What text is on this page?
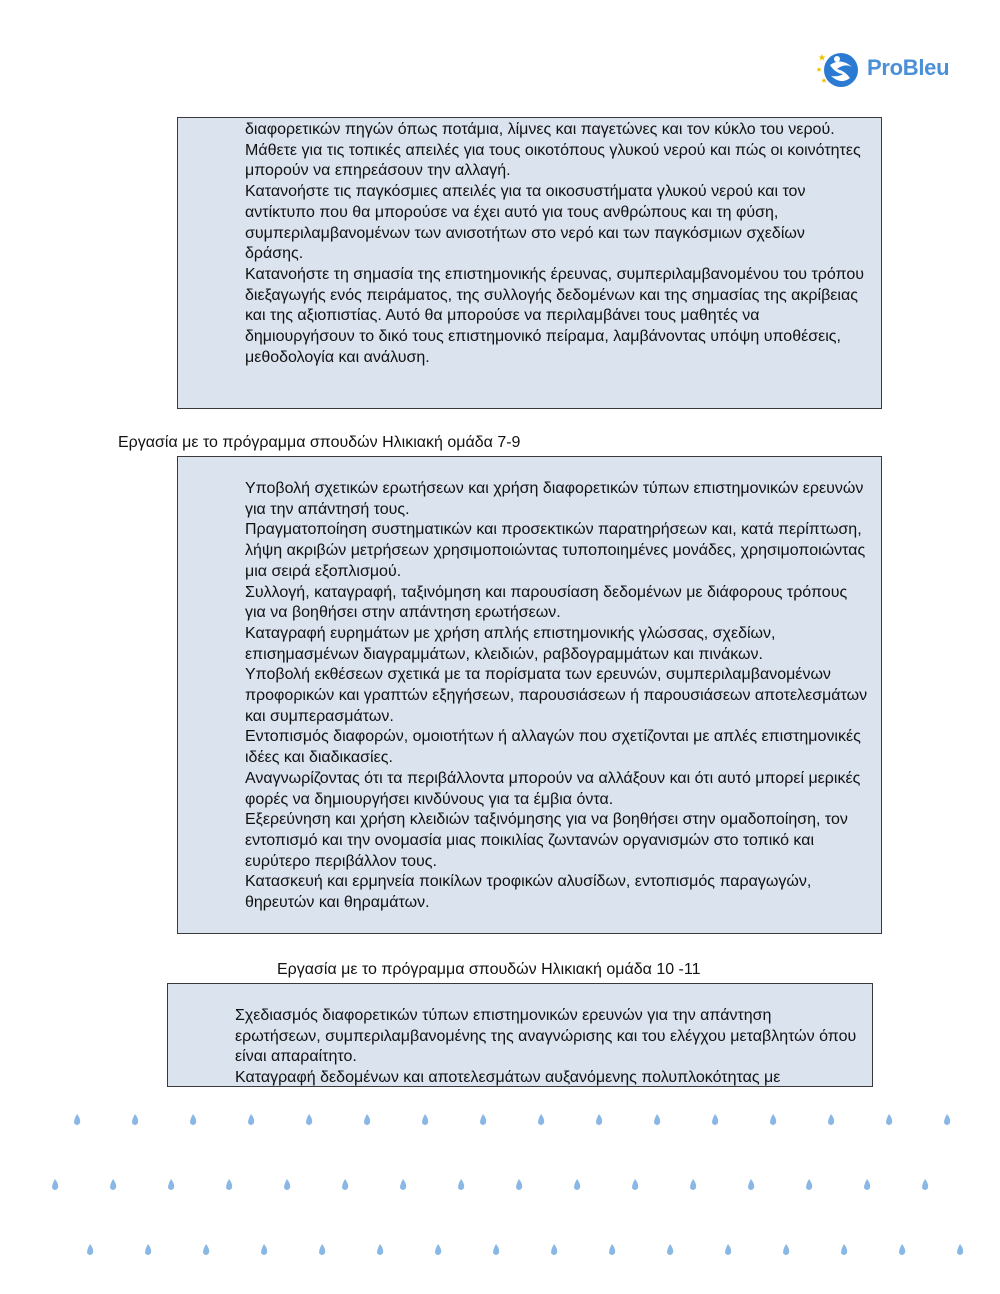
ProBleu

διαφορετικών πηγών όπως ποτάμια, λίμνες και παγετώνες και τον κύκλο του νερού.

Μάθετε για τις τοπικές απειλές για τους οικοτόπους γλυκού νερού και πώς οι κοινότητες μπορούν να επηρεάσουν την αλλαγή.

Κατανοήστε τις παγκόσμιες απειλές για τα οικοσυστήματα γλυκού νερού και τον αντίκτυπο που θα μπορούσε να έχει αυτό για τους ανθρώπους και τη φύση, συμπεριλαμβανομένων των ανισοτήτων στο νερό και των παγκόσμιων σχεδίων δράσης.

Κατανοήστε τη σημασία της επιστημονικής έρευνας, συμπεριλαμβανομένου του τρόπου διεξαγωγής ενός πειράματος, της συλλογής δεδομένων και της σημασίας της ακρίβειας και της αξιοπιστίας. Αυτό θα μπορούσε να περιλαμβάνει τους μαθητές να δημιουργήσουν το δικό τους επιστημονικό πείραμα, λαμβάνοντας υπόψη υποθέσεις, μεθοδολογία και ανάλυση.

Εργασία με το πρόγραμμα σπουδών Ηλικιακή ομάδα 7-9

Υποβολή σχετικών ερωτήσεων και χρήση διαφορετικών τύπων επιστημονικών ερευνών για την απάντησή τους.

Πραγματοποίηση συστηματικών και προσεκτικών παρατηρήσεων και, κατά περίπτωση, λήψη ακριβών μετρήσεων χρησιμοποιώντας τυποποιημένες μονάδες, χρησιμοποιώντας μια σειρά εξοπλισμού.

Συλλογή, καταγραφή, ταξινόμηση και παρουσίαση δεδομένων με διάφορους τρόπους για να βοηθήσει στην απάντηση ερωτήσεων.

Καταγραφή ευρημάτων με χρήση απλής επιστημονικής γλώσσας, σχεδίων, επισημασμένων διαγραμμάτων, κλειδιών, ραβδογραμμάτων και πινάκων.

Υποβολή εκθέσεων σχετικά με τα πορίσματα των ερευνών, συμπεριλαμβανομένων προφορικών και γραπτών εξηγήσεων, παρουσιάσεων ή παρουσιάσεων αποτελεσμάτων και συμπερασμάτων.

Εντοπισμός διαφορών, ομοιοτήτων ή αλλαγών που σχετίζονται με απλές επιστημονικές ιδέες και διαδικασίες.

Αναγνωρίζοντας ότι τα περιβάλλοντα μπορούν να αλλάξουν και ότι αυτό μπορεί μερικές φορές να δημιουργήσει κινδύνους για τα έμβια όντα.

Εξερεύνηση και χρήση κλειδιών ταξινόμησης για να βοηθήσει στην ομαδοποίηση, τον εντοπισμό και την ονομασία μιας ποικιλίας ζωντανών οργανισμών στο τοπικό και ευρύτερο περιβάλλον τους.

Κατασκευή και ερμηνεία ποικίλων τροφικών αλυσίδων, εντοπισμός παραγωγών, θηρευτών και θηραμάτων.

Εργασία με το πρόγραμμα σπουδών Ηλικιακή ομάδα 10 -11

Σχεδιασμός διαφορετικών τύπων επιστημονικών ερευνών για την απάντηση ερωτήσεων, συμπεριλαμβανομένης της αναγνώρισης και του ελέγχου μεταβλητών όπου είναι απαραίτητο.

Καταγραφή δεδομένων και αποτελεσμάτων αυξανόμενης πολυπλοκότητας με
